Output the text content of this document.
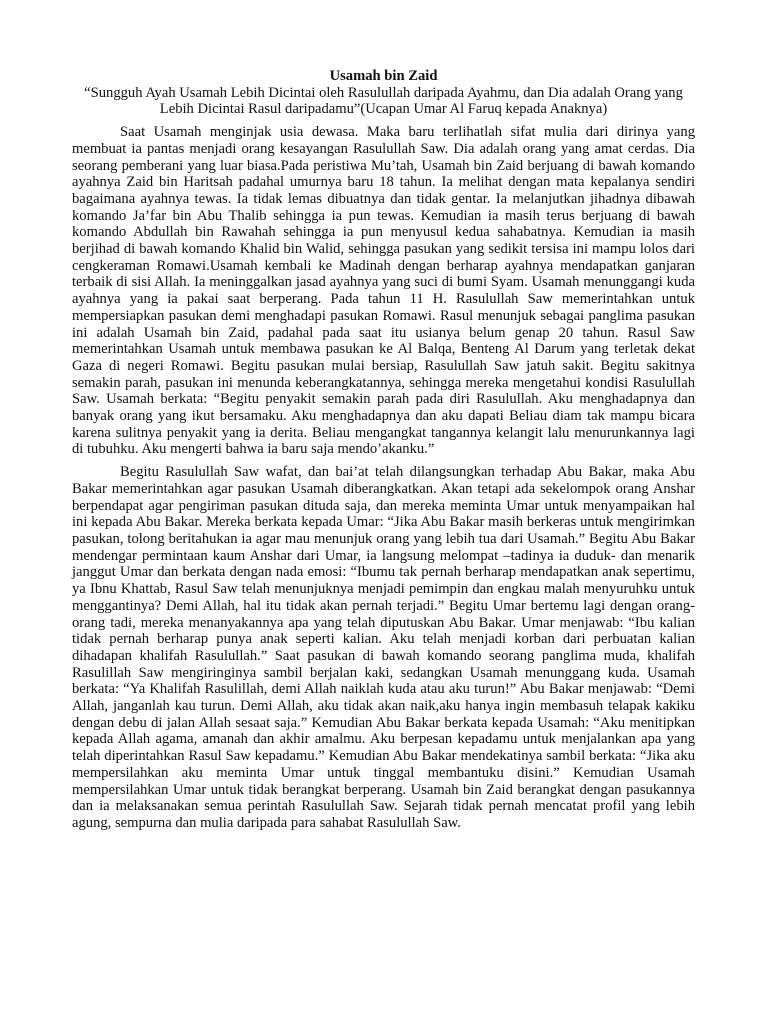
Usamah bin Zaid

“Sungguh Ayah Usamah Lebih Dicintai oleh Rasulullah daripada Ayahmu, dan Dia adalah Orang yang Lebih Dicintai Rasul daripadamu”(Ucapan Umar Al Faruq kepada Anaknya)

Saat Usamah menginjak usia dewasa. Maka baru terlihatlah sifat mulia dari dirinya yang membuat ia pantas menjadi orang kesayangan Rasulullah Saw. Dia adalah orang yang amat cerdas. Dia seorang pemberani yang luar biasa.Pada peristiwa Mu’tah, Usamah bin Zaid berjuang di bawah komando ayahnya Zaid bin Haritsah padahal umurnya baru 18 tahun. Ia melihat dengan mata kepalanya sendiri bagaimana ayahnya tewas. Ia tidak lemas dibuatnya dan tidak gentar. Ia melanjutkan jihadnya dibawah komando Ja’far bin Abu Thalib sehingga ia pun tewas. Kemudian ia masih terus berjuang di bawah komando Abdullah bin Rawahah sehingga ia pun menyusul kedua sahabatnya. Kemudian ia masih berjihad di bawah komando Khalid bin Walid, sehingga pasukan yang sedikit tersisa ini mampu lolos dari cengkeraman Romawi.Usamah kembali ke Madinah dengan berharap ayahnya mendapatkan ganjaran terbaik di sisi Allah. Ia meninggalkan jasad ayahnya yang suci di bumi Syam. Usamah menunggangi kuda ayahnya yang ia pakai saat berperang. Pada tahun 11 H. Rasulullah Saw memerintahkan untuk mempersiapkan pasukan demi menghadapi pasukan Romawi. Rasul menunjuk sebagai panglima pasukan ini adalah Usamah bin Zaid, padahal pada saat itu usianya belum genap 20 tahun. Rasul Saw memerintahkan Usamah untuk membawa pasukan ke Al Balqa, Benteng Al Darum yang terletak dekat Gaza di negeri Romawi. Begitu pasukan mulai bersiap, Rasulullah Saw jatuh sakit. Begitu sakitnya semakin parah, pasukan ini menunda keberangkatannya, sehingga mereka mengetahui kondisi Rasulullah Saw. Usamah berkata: “Begitu penyakit semakin parah pada diri Rasulullah. Aku menghadapnya dan banyak orang yang ikut bersamaku. Aku menghadapnya dan aku dapati Beliau diam tak mampu bicara karena sulitnya penyakit yang ia derita. Beliau mengangkat tangannya kelangit lalu menurunkannya lagi di tubuhku. Aku mengerti bahwa ia baru saja mendo’akanku.”

Begitu Rasulullah Saw wafat, dan bai’at telah dilangsungkan terhadap Abu Bakar, maka Abu Bakar memerintahkan agar pasukan Usamah diberangkatkan. Akan tetapi ada sekelompok orang Anshar berpendapat agar pengiriman pasukan dituda saja, dan mereka meminta Umar untuk menyampaikan hal ini kepada Abu Bakar. Mereka berkata kepada Umar: “Jika Abu Bakar masih berkeras untuk mengirimkan pasukan, tolong beritahukan ia agar mau menunjuk orang yang lebih tua dari Usamah.” Begitu Abu Bakar mendengar permintaan kaum Anshar dari Umar, ia langsung melompat –tadinya ia duduk- dan menarik janggut Umar dan berkata dengan nada emosi: “Ibumu tak pernah berharap mendapatkan anak sepertimu, ya Ibnu Khattab, Rasul Saw telah menunjuknya menjadi pemimpin dan engkau malah menyuruhku untuk menggantinya? Demi Allah, hal itu tidak akan pernah terjadi.” Begitu Umar bertemu lagi dengan orang-orang tadi, mereka menanyakannya apa yang telah diputuskan Abu Bakar. Umar menjawab: “Ibu kalian tidak pernah berharap punya anak seperti kalian. Aku telah menjadi korban dari perbuatan kalian dihadapan khalifah Rasulullah.” Saat pasukan di bawah komando seorang panglima muda, khalifah Rasulillah Saw mengiringinya sambil berjalan kaki, sedangkan Usamah menunggang kuda. Usamah berkata: “Ya Khalifah Rasulillah, demi Allah naiklah kuda atau aku turun!” Abu Bakar menjawab: “Demi Allah, janganlah kau turun. Demi Allah, aku tidak akan naik,aku hanya ingin membasuh telapak kakiku dengan debu di jalan Allah sesaat saja.” Kemudian Abu Bakar berkata kepada Usamah: “Aku menitipkan kepada Allah agama, amanah dan akhir amalmu. Aku berpesan kepadamu untuk menjalankan apa yang telah diperintahkan Rasul Saw kepadamu.” Kemudian Abu Bakar mendekatinya sambil berkata: “Jika aku mempersilahkan aku meminta Umar untuk tinggal membantuku disini.” Kemudian Usamah mempersilahkan Umar untuk tidak berangkat berperang. Usamah bin Zaid berangkat dengan pasukannya dan ia melaksanakan semua perintah Rasulullah Saw. Sejarah tidak pernah mencatat profil yang lebih agung, sempurna dan mulia daripada para sahabat Rasulullah Saw.
